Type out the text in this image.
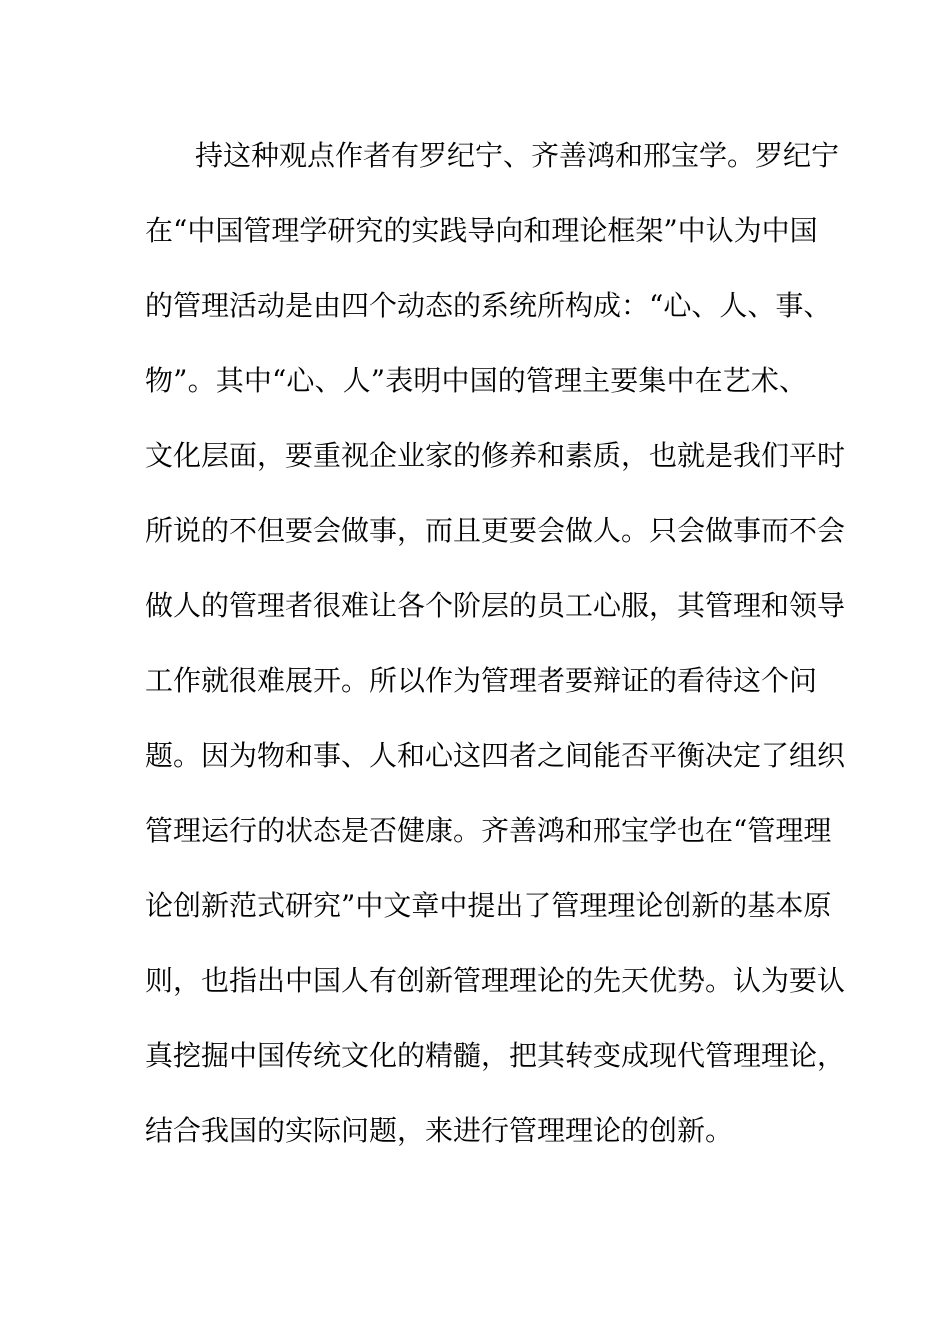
持这种观点作者有罗纪宁、齐善鸿和邢宝学。罗纪宁
在“中国管理学研究的实践导向和理论框架”中认为中国
的管理活动是由四个动态的系统所构成：“心、人、事、
物”。其中“心、人”表明中国的管理主要集中在艺术、
文化层面，要重视企业家的修养和素质，也就是我们平时
所说的不但要会做事，而且更要会做人。只会做事而不会
做人的管理者很难让各个阶层的员工心服，其管理和领导
工作就很难展开。所以作为管理者要辩证的看待这个问
题。因为物和事、人和心这四者之间能否平衡决定了组织
管理运行的状态是否健康。齐善鸿和邢宝学也在“管理理
论创新范式研究”中文章中提出了管理理论创新的基本原
则，也指出中国人有创新管理理论的先天优势。认为要认
真挖掘中国传统文化的精髓，把其转变成现代管理理论，
结合我国的实际问题，来进行管理理论的创新。
